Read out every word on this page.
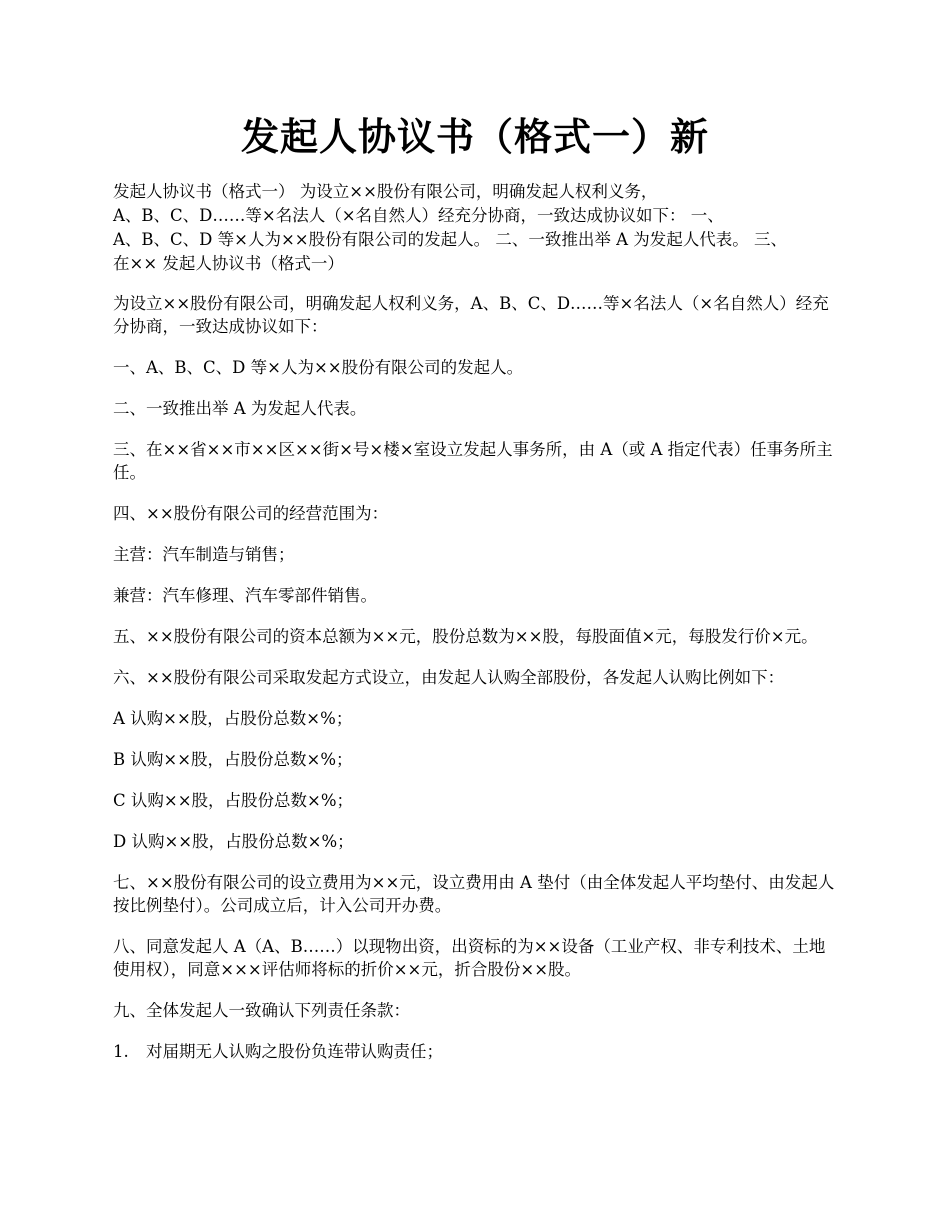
发起人协议书（格式一）新
发起人协议书（格式一） 为设立××股份有限公司，明确发起人权利义务，
A、B、C、D……等×名法人（×名自然人）经充分协商，一致达成协议如下： 一、
A、B、C、D 等×人为××股份有限公司的发起人。 二、一致推出举 A 为发起人代表。 三、
在×× 发起人协议书（格式一）

为设立××股份有限公司，明确发起人权利义务，A、B、C、D……等×名法人（×名自然人）经充分协商，一致达成协议如下：

一、A、B、C、D 等×人为××股份有限公司的发起人。

二、一致推出举 A 为发起人代表。

三、在××省××市××区××街×号×楼×室设立发起人事务所，由 A（或 A 指定代表）任事务所主任。

四、××股份有限公司的经营范围为：

主营：汽车制造与销售；

兼营：汽车修理、汽车零部件销售。

五、××股份有限公司的资本总额为××元，股份总数为××股，每股面值×元，每股发行价×元。

六、××股份有限公司采取发起方式设立，由发起人认购全部股份，各发起人认购比例如下：

A 认购××股，占股份总数×%；

B 认购××股，占股份总数×%；

C 认购××股，占股份总数×%；

D 认购××股，占股份总数×%；

七、××股份有限公司的设立费用为××元，设立费用由 A 垫付（由全体发起人平均垫付、由发起人按比例垫付）。公司成立后，计入公司开办费。

八、同意发起人 A（A、B……）以现物出资，出资标的为××设备（工业产权、非专利技术、土地使用权），同意×××评估师将标的折价××元，折合股份××股。

九、全体发起人一致确认下列责任条款：

1. 对届期无人认购之股份负连带认购责任；
